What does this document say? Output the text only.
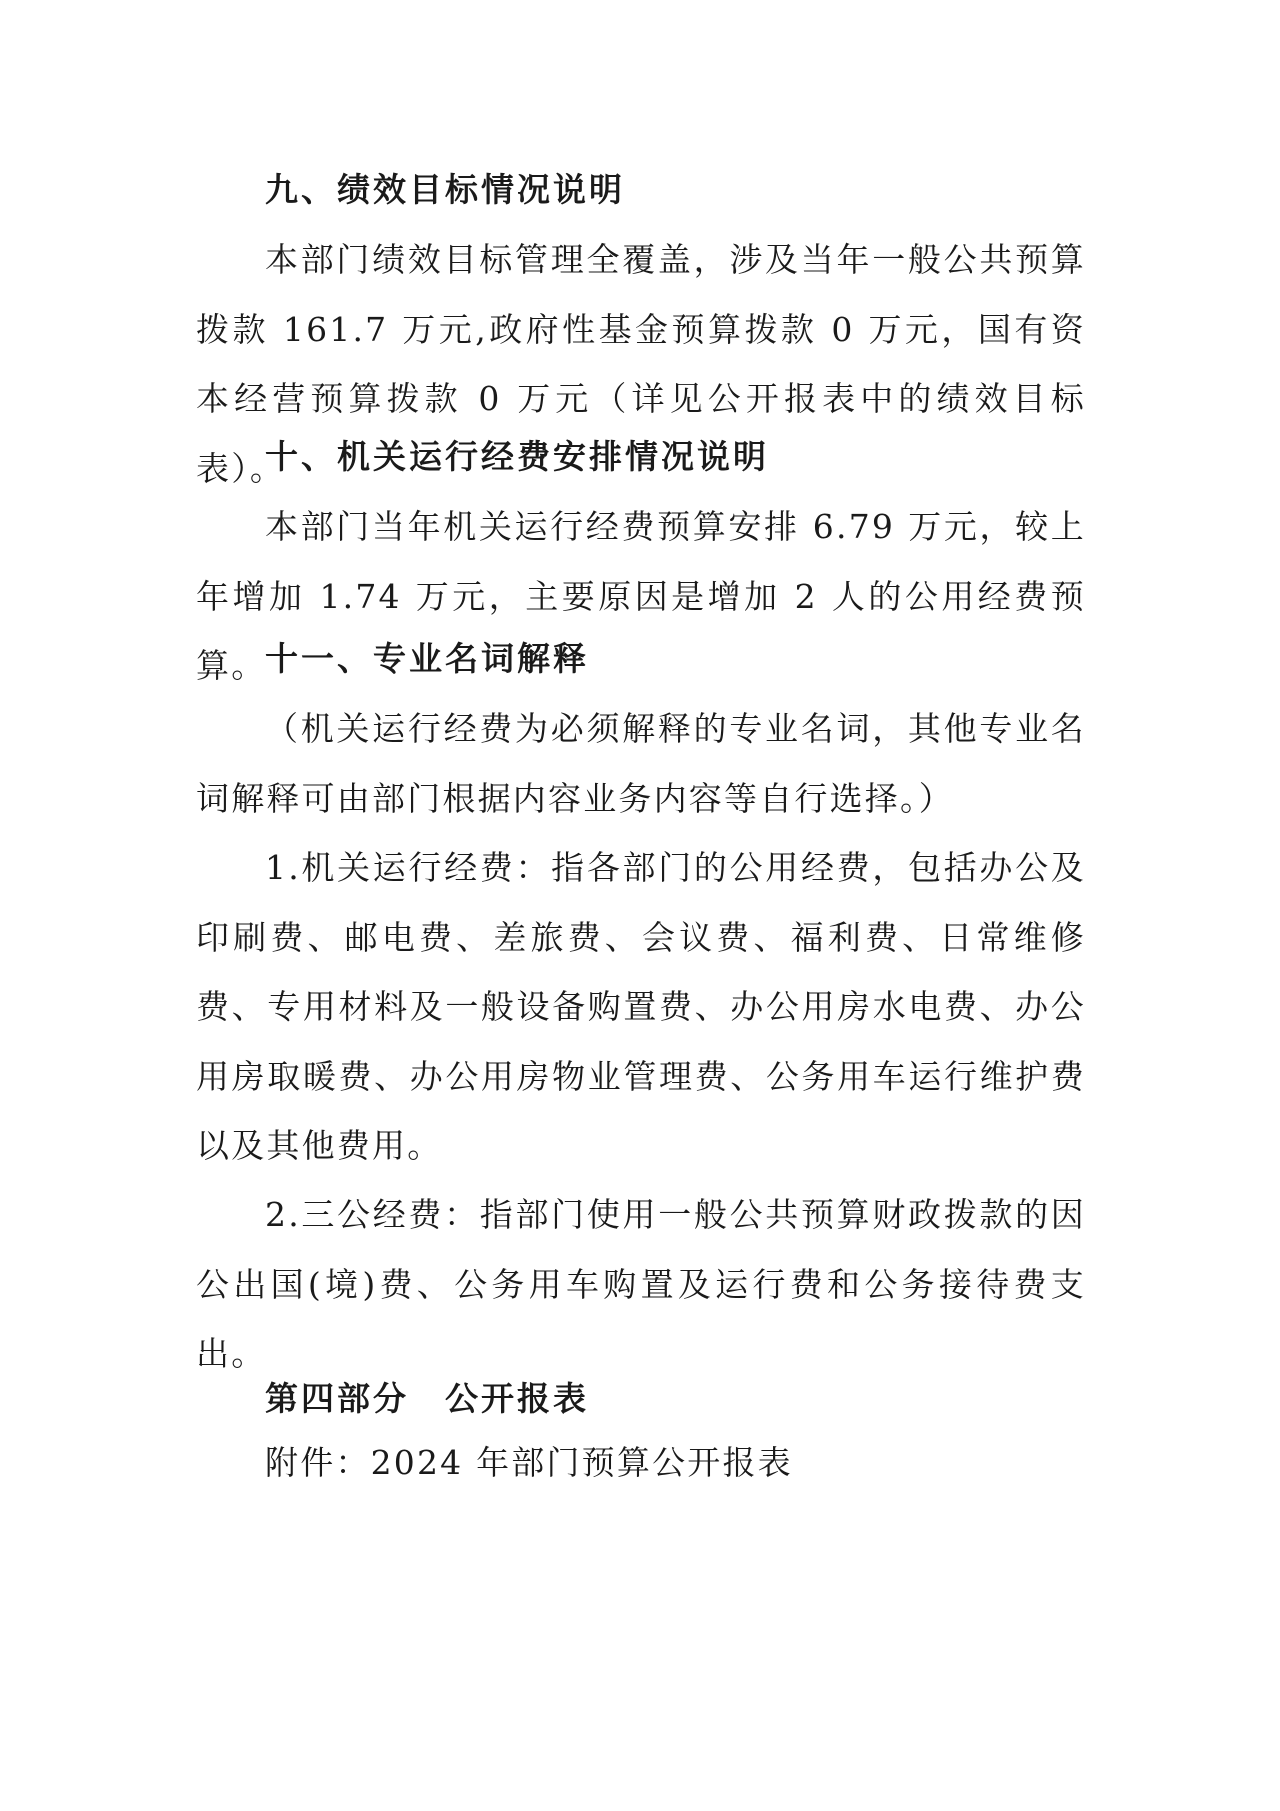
九、绩效目标情况说明

本部门绩效目标管理全覆盖，涉及当年一般公共预算拨款 161.7 万元,政府性基金预算拨款 0 万元，国有资本经营预算拨款 0 万元（详见公开报表中的绩效目标表）。

十、机关运行经费安排情况说明

本部门当年机关运行经费预算安排 6.79 万元，较上年增加 1.74 万元，主要原因是增加 2 人的公用经费预算。

十一、专业名词解释

（机关运行经费为必须解释的专业名词，其他专业名词解释可由部门根据内容业务内容等自行选择。）

1.机关运行经费：指各部门的公用经费，包括办公及印刷费、邮电费、差旅费、会议费、福利费、日常维修费、专用材料及一般设备购置费、办公用房水电费、办公用房取暖费、办公用房物业管理费、公务用车运行维护费以及其他费用。

2.三公经费：指部门使用一般公共预算财政拨款的因公出国(境)费、公务用车购置及运行费和公务接待费支出。

第四部分　公开报表
附件：2024 年部门预算公开报表
